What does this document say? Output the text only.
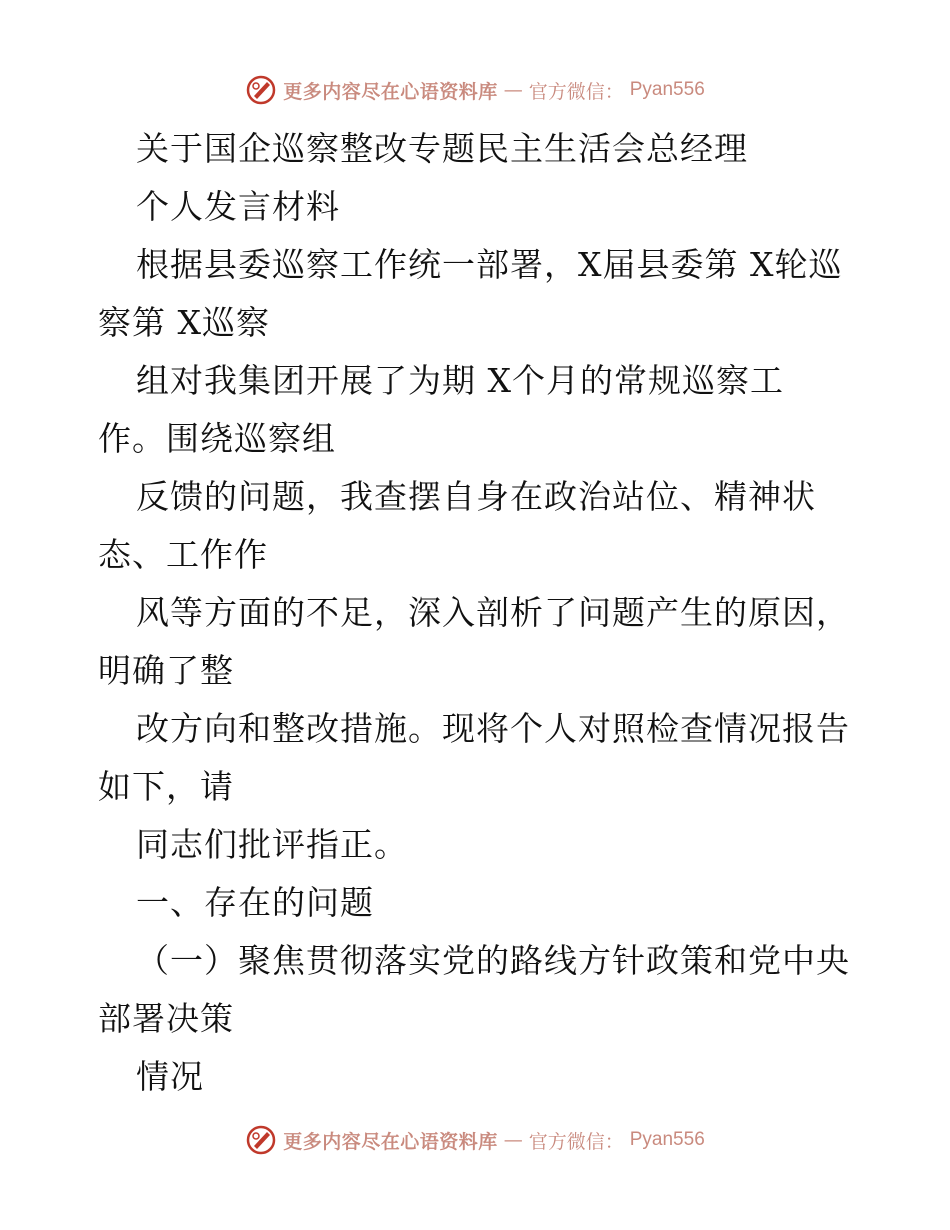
更多内容尽在心语资料库 — 官方微信： Pyan556
关于国企巡察整改专题民主生活会总经理
个人发言材料
根据县委巡察工作统一部署，X届县委第 X轮巡
察第 X巡察
组对我集团开展了为期 X个月的常规巡察工
作。围绕巡察组
反馈的问题，我查摆自身在政治站位、精神状
态、工作作
风等方面的不足，深入剖析了问题产生的原因，
明确了整
改方向和整改措施。现将个人对照检查情况报告
如下，请
同志们批评指正。
一、存在的问题
（一）聚焦贯彻落实党的路线方针政策和党中央
部署决策
情况
更多内容尽在心语资料库 — 官方微信： Pyan556
